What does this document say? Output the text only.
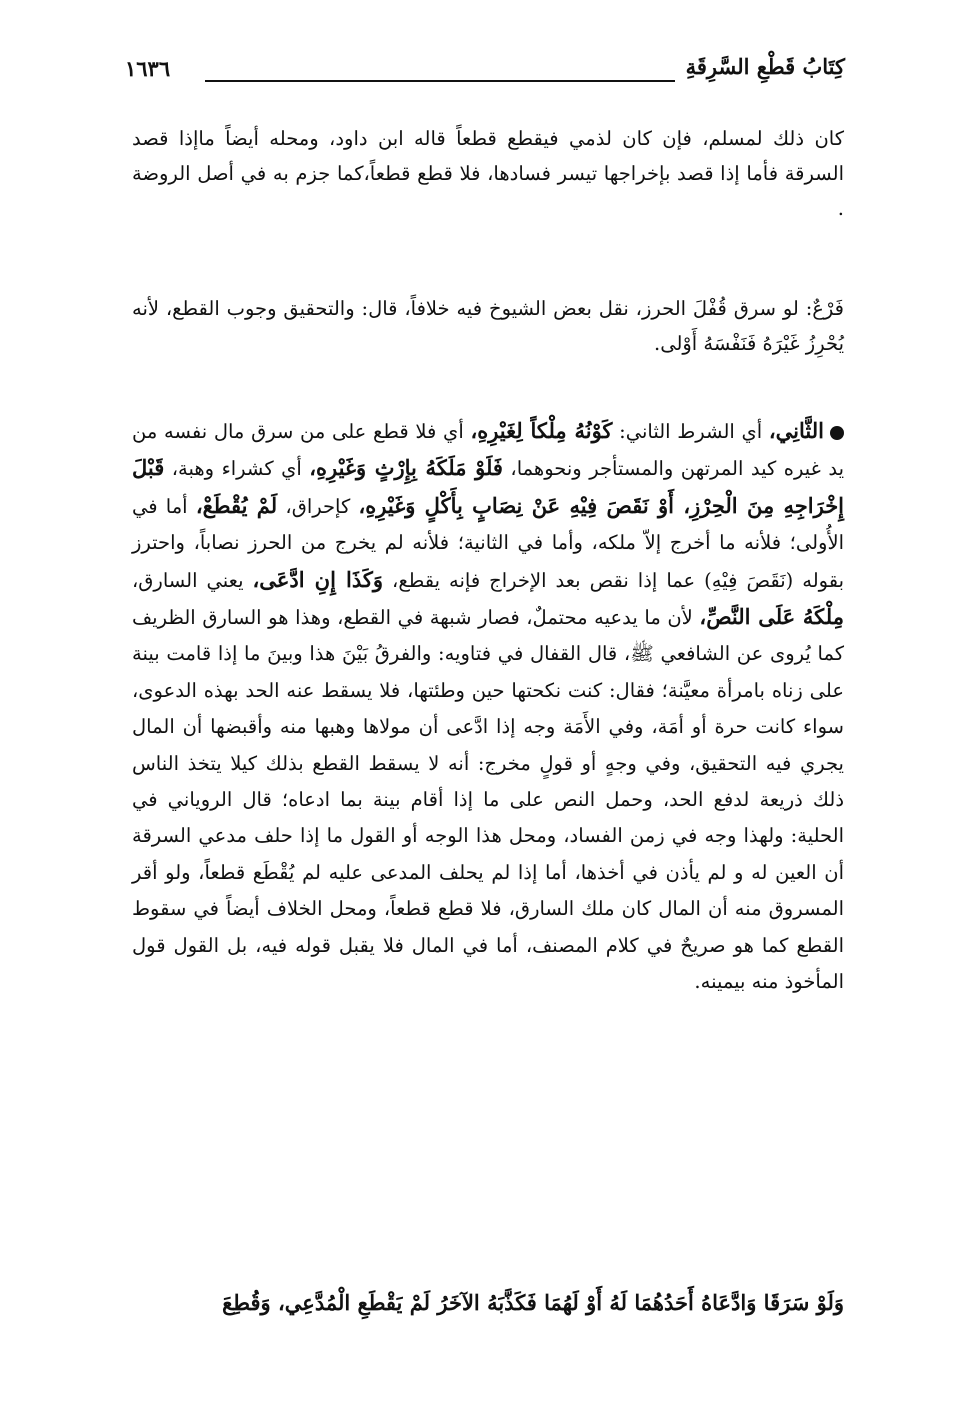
كِتَابُ قَطْعِ السَّرِقَةِ
١٦٣٦
كان ذلك لمسلم، فإن كان لذمي فيقطع قطعاً قاله ابن داود، ومحله أيضاً ماإذا قصد السرقة فأما إذا قصد بإخراجها تيسر فسادها، فلا قطع قطعاً،كما جزم به في أصل الروضة .
فَرْعٌ: لو سرق قُفْلَ الحرز، نقل بعض الشيوخ فيه خلافاً، قال: والتحقيق وجوب القطع، لأنه يُحْرِزُ غَيْرَهُ فَنَفْسَهُ أَوْلى.
الثَّانِي، أي الشرط الثاني: كَوْنُهُ مِلْكاً لِغَيْرِهِ، أي فلا قطع على من سرق مال نفسه من يد غيره كيد المرتهن والمستأجر ونحوهما، فَلَوْ مَلَكَهُ بِإِرْثٍ وَغَيْرِهِ، أي كشراء وهبة، قَبْلَ إِخْرَاجِهِ مِنَ الْحِرْزِ، أَوْ نَقَصَ فِيْهِ عَنْ نِصَابٍ بِأَكْلٍ وَغَيْرِهِ، كإحراق، لَمْ يُقْطَعْ، أما في الأُولى؛ فلأنه ما أخرج إلاّ ملكه، وأما في الثانية؛ فلأنه لم يخرج من الحرز نصاباً، واحترز بقوله (نَقَصَ فِيْهِ) عما إذا نقص بعد الإخراج فإنه يقطع، وَكَذَا إِنِ ادَّعَى، يعني السارق، مِلْكَهُ عَلَى النَّصِّ، لأن ما يدعيه محتملٌ، فصار شبهة في القطع، وهذا هو السارق الظريف كما يُروى عن الشافعي ﷺ، قال القفال في فتاويه: والفرقُ بَيْنَ هذا وبينَ ما إذا قامت بينة على زناه بامرأة معيَّنة؛ فقال: كنت نكحتها حين وطئتها، فلا يسقط عنه الحد بهذه الدعوى، سواء كانت حرة أو أمَة، وفي الأَمَة وجه إذا ادَّعى أن مولاها وهبها منه وأقبضها أن المال يجري فيه التحقيق، وفي وجهٍ أو قولٍ مخرج: أنه لا يسقط القطع بذلك كيلا يتخذ الناس ذلك ذريعة لدفع الحد، وحمل النص على ما إذا أقام بينة بما ادعاه؛ قال الروياني في الحلية: ولهذا وجه في زمن الفساد، ومحل هذا الوجه أو القول ما إذا حلف مدعي السرقة أن العين له و لم يأذن في أخذها، أما إذا لم يحلف المدعى عليه لم يُقْطَع قطعاً، ولو أقر المسروق منه أن المال كان ملك السارق، فلا قطع قطعاً، ومحل الخلاف أيضاً في سقوط القطع كما هو صريحٌ في كلام المصنف، أما في المال فلا يقبل قوله فيه، بل القول قول المأخوذ منه بيمينه.
وَلَوْ سَرَقَا وَادَّعَاهُ أَحَدُهُمَا لَهُ أَوْ لَهُمَا فَكَذَّبَهُ الآخَرُ لَمْ يَقْطَعِ الْمُدَّعِي، وَقُطِعَ
